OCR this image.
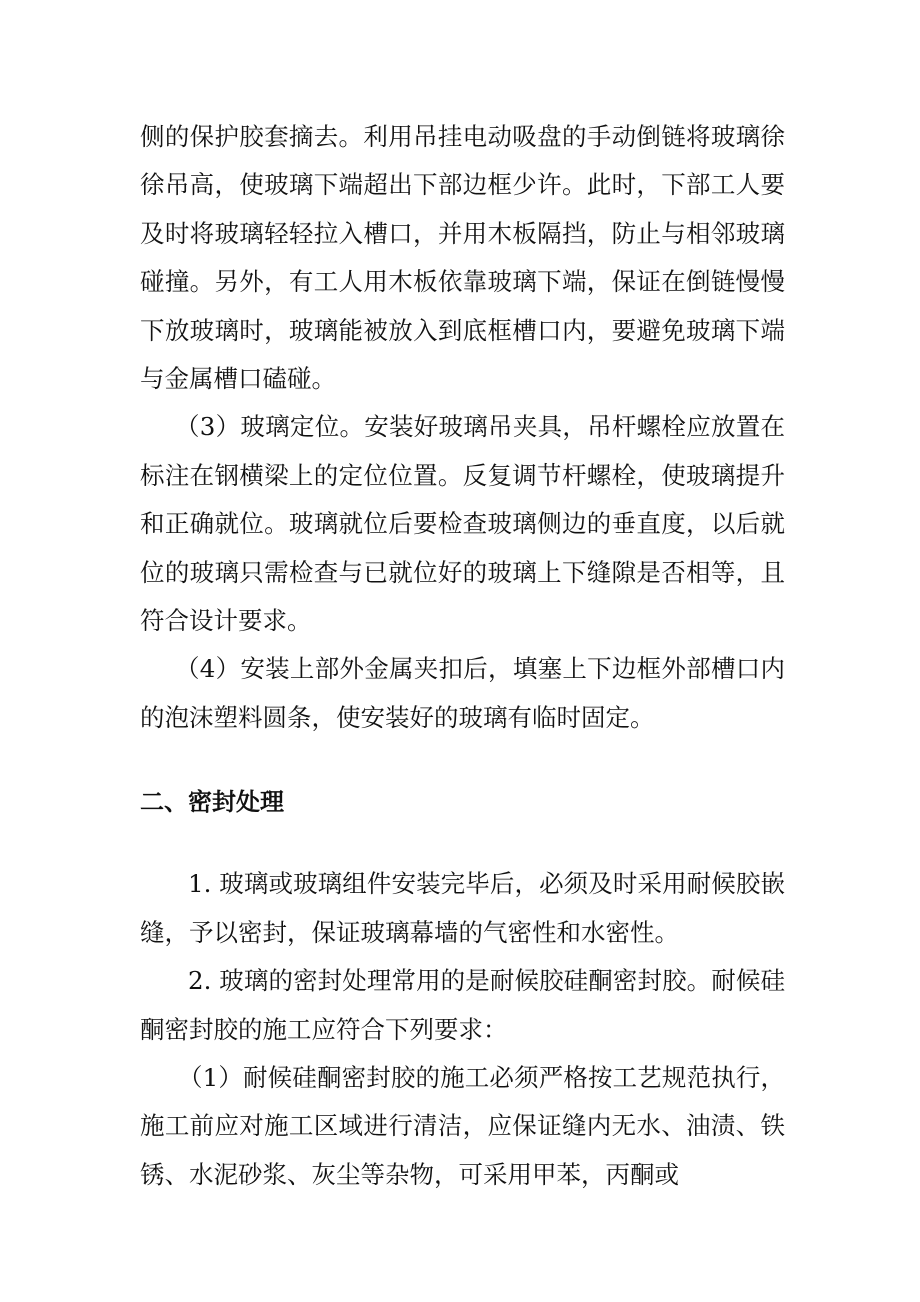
侧的保护胶套摘去。利用吊挂电动吸盘的手动倒链将玻璃徐徐吊高，使玻璃下端超出下部边框少许。此时，下部工人要及时将玻璃轻轻拉入槽口，并用木板隔挡，防止与相邻玻璃碰撞。另外，有工人用木板依靠玻璃下端，保证在倒链慢慢下放玻璃时，玻璃能被放入到底框槽口内，要避免玻璃下端与金属槽口磕碰。

（3）玻璃定位。安装好玻璃吊夹具，吊杆螺栓应放置在标注在钢横梁上的定位位置。反复调节杆螺栓，使玻璃提升和正确就位。玻璃就位后要检查玻璃侧边的垂直度，以后就位的玻璃只需检查与已就位好的玻璃上下缝隙是否相等，且符合设计要求。

（4）安装上部外金属夹扣后，填塞上下边框外部槽口内的泡沫塑料圆条，使安装好的玻璃有临时固定。

二、密封处理

1. 玻璃或玻璃组件安装完毕后，必须及时采用耐候胶嵌缝，予以密封，保证玻璃幕墙的气密性和水密性。

2. 玻璃的密封处理常用的是耐候胶硅酮密封胶。耐候硅酮密封胶的施工应符合下列要求：

（1）耐候硅酮密封胶的施工必须严格按工艺规范执行，施工前应对施工区域进行清洁，应保证缝内无水、油渍、铁锈、水泥砂浆、灰尘等杂物，可采用甲苯，丙酮或
